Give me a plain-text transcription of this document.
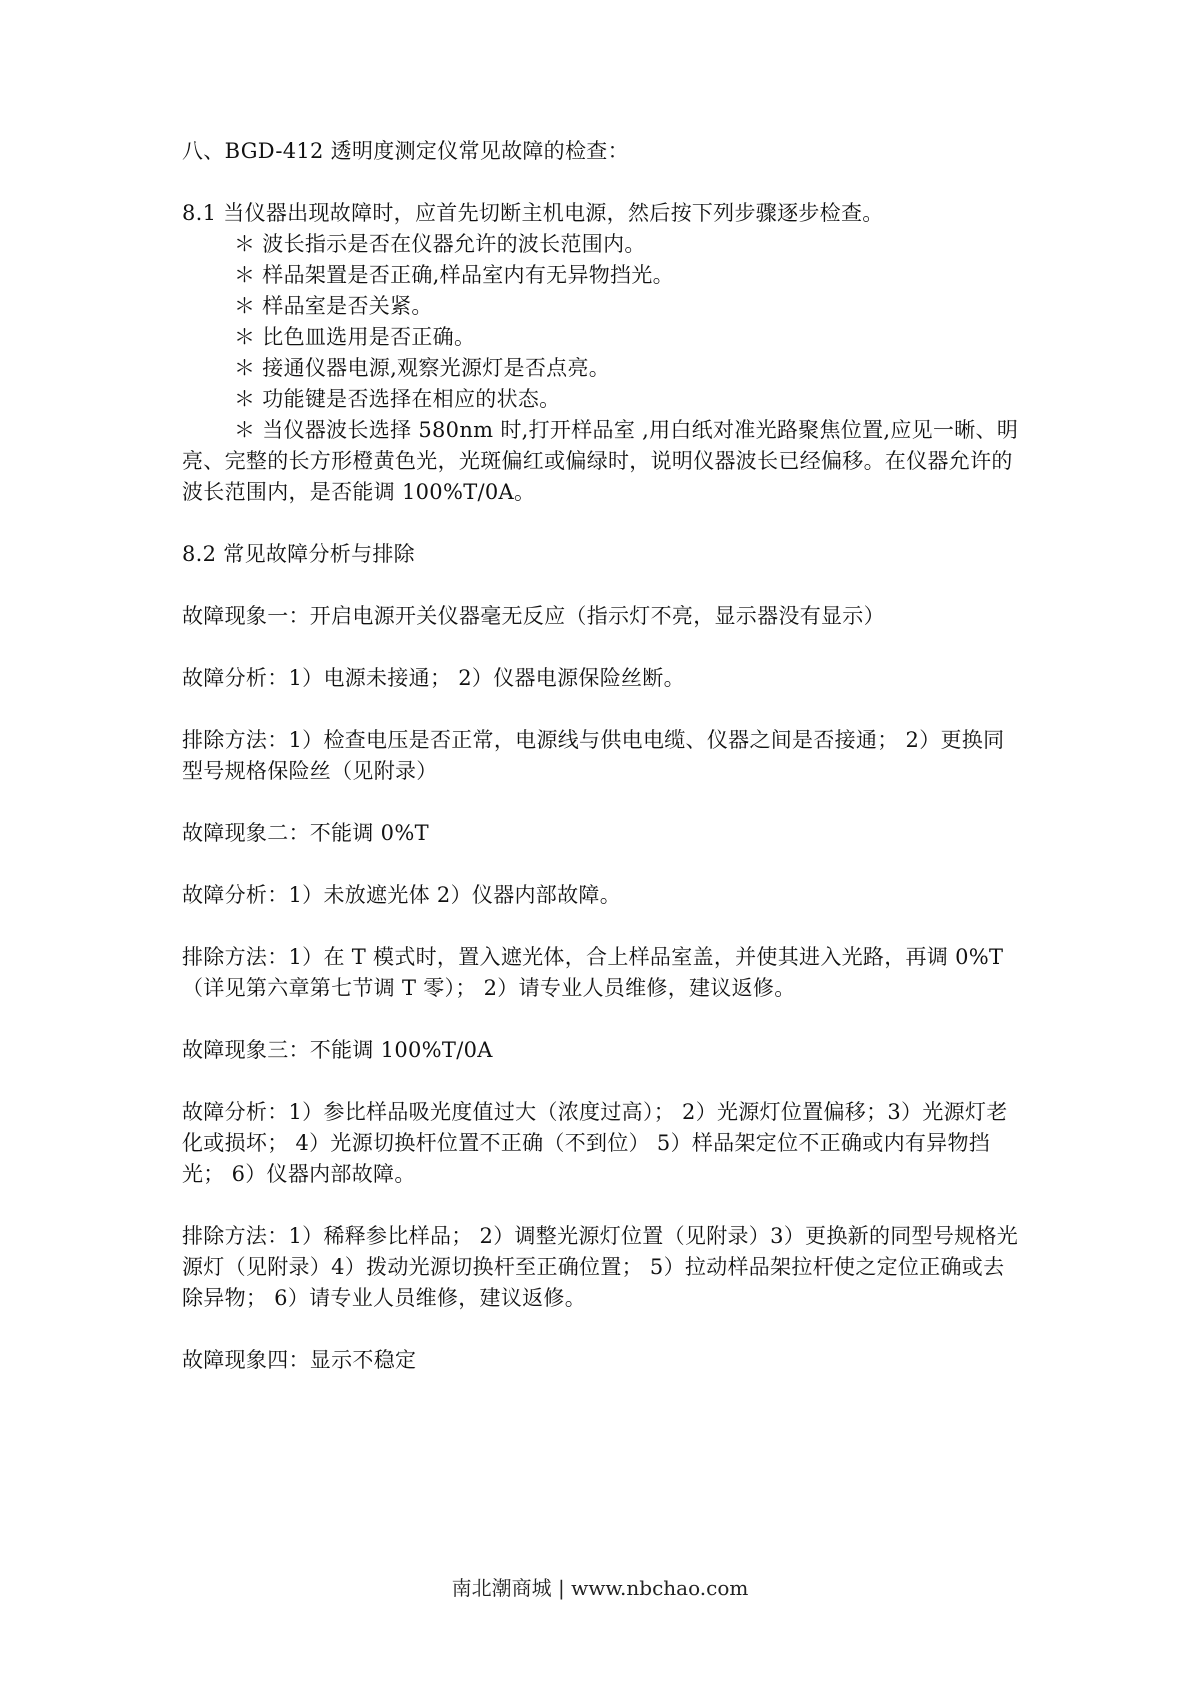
八、BGD-412 透明度测定仪常见故障的检查：

8.1 当仪器出现故障时，应首先切断主机电源，然后按下列步骤逐步检查。

＊ 波长指示是否在仪器允许的波长范围内。

＊ 样品架置是否正确,样品室内有无异物挡光。

＊ 样品室是否关紧。

＊ 比色皿选用是否正确。

＊ 接通仪器电源,观察光源灯是否点亮。

＊ 功能键是否选择在相应的状态。

＊ 当仪器波长选择 580nm 时,打开样品室 ,用白纸对准光路聚焦位置,应见一晰、明亮、完整的长方形橙黄色光，光斑偏红或偏绿时，说明仪器波长已经偏移。在仪器允许的波长范围内，是否能调 100%T/0A。

8.2 常见故障分析与排除

故障现象一：开启电源开关仪器毫无反应（指示灯不亮，显示器没有显示）

故障分析：1）电源未接通； 2）仪器电源保险丝断。

排除方法：1）检查电压是否正常，电源线与供电电缆、仪器之间是否接通； 2）更换同型号规格保险丝（见附录）

故障现象二：不能调 0%T

故障分析：1）未放遮光体 2）仪器内部故障。

排除方法：1）在 T 模式时，置入遮光体，合上样品室盖，并使其进入光路，再调 0%T（详见第六章第七节调 T 零）； 2）请专业人员维修，建议返修。

故障现象三：不能调 100%T/0A

故障分析：1）参比样品吸光度值过大（浓度过高）； 2）光源灯位置偏移；3）光源灯老化或损坏； 4）光源切换杆位置不正确（不到位） 5）样品架定位不正确或内有异物挡光； 6）仪器内部故障。

排除方法：1）稀释参比样品； 2）调整光源灯位置（见附录）3）更换新的同型号规格光源灯（见附录）4）拨动光源切换杆至正确位置； 5）拉动样品架拉杆使之定位正确或去除异物； 6）请专业人员维修，建议返修。

故障现象四：显示不稳定

南北潮商城 | www.nbchao.com
